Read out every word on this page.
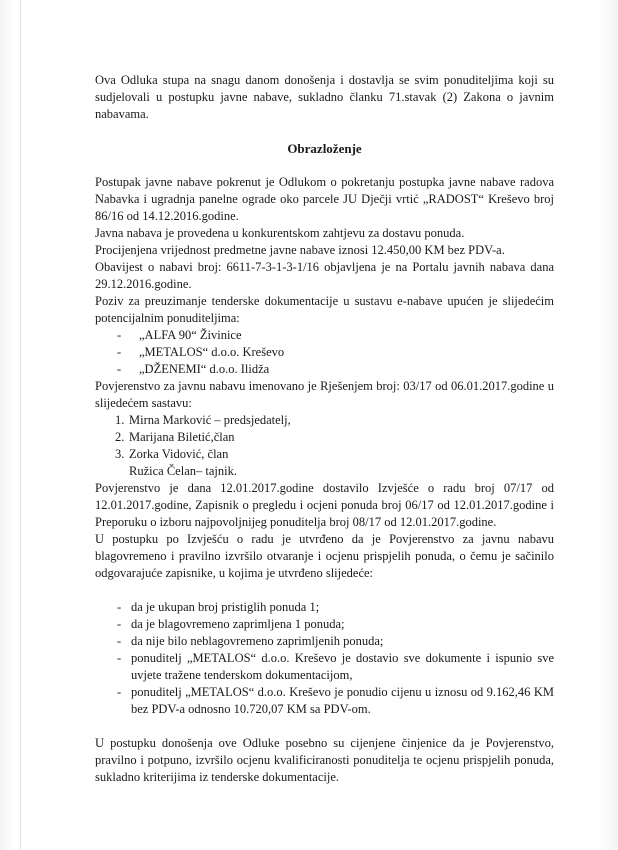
Ova Odluka stupa na snagu danom donošenja i dostavlja se svim ponuditeljima koji su sudjelovali u postupku javne nabave, sukladno članku 71.stavak (2) Zakona o javnim nabavama.

Obrazloženje

Postupak javne nabave pokrenut je Odlukom o pokretanju postupka javne nabave radova Nabavka i ugradnja panelne ograde oko parcele JU Dječji vrtić „RADOST“ Kreševo broj 86/16 od 14.12.2016.godine.

Javna nabava je provedena u konkurentskom zahtjevu za dostavu ponuda.

Procijenjena vrijednost predmetne javne nabave iznosi 12.450,00 KM bez PDV-a.

Obavijest o nabavi broj: 6611-7-3-1-3-1/16 objavljena je na Portalu javnih nabava dana 29.12.2016.godine.

Poziv za preuzimanje tenderske dokumentacije u sustavu e-nabave upućen je slijedećim potencijalnim ponuditeljima:

- „ALFA 90“ Živinice
- „METALOS“ d.o.o. Kreševo
- „DŽENEMI“ d.o.o. Ilidža

Povjerenstvo za javnu nabavu imenovano je Rješenjem broj: 03/17 od 06.01.2017.godine u slijedećem sastavu:

1. Mirna Marković – predsjedatelj,
2. Marijana Biletić,član
3. Zorka Vidović, član

Ružica Čelan– tajnik.

Povjerenstvo je dana 12.01.2017.godine dostavilo Izvješće o radu broj 07/17 od 12.01.2017.godine, Zapisnik o pregledu i ocjeni ponuda broj 06/17 od 12.01.2017.godine i Preporuku o izboru najpovoljnijeg ponuditelja broj 08/17 od 12.01.2017.godine.

U postupku po Izvješću o radu je utvrđeno da je Povjerenstvo za javnu nabavu blagovremeno i pravilno izvršilo otvaranje i ocjenu prispjelih ponuda, o čemu je sačinilo odgovarajuće zapisnike, u kojima je utvrđeno slijedeće:

- da je ukupan broj pristiglih ponuda 1;
- da je blagovremeno zaprimljena 1 ponuda;
- da nije bilo neblagovremeno zaprimljenih ponuda;
- ponuditelj „METALOS“ d.o.o. Kreševo je dostavio sve dokumente i ispunio sve uvjete tražene tenderskom dokumentacijom,
- ponuditelj „METALOS“ d.o.o. Kreševo je ponudio cijenu u iznosu od 9.162,46 KM bez PDV-a odnosno 10.720,07 KM sa PDV-om.

U postupku donošenja ove Odluke posebno su cijenjene činjenice da je Povjerenstvo, pravilno i potpuno, izvršilo ocjenu kvalificiranosti ponuditelja te ocjenu prispjelih ponuda, sukladno kriterijima iz tenderske dokumentacije.
